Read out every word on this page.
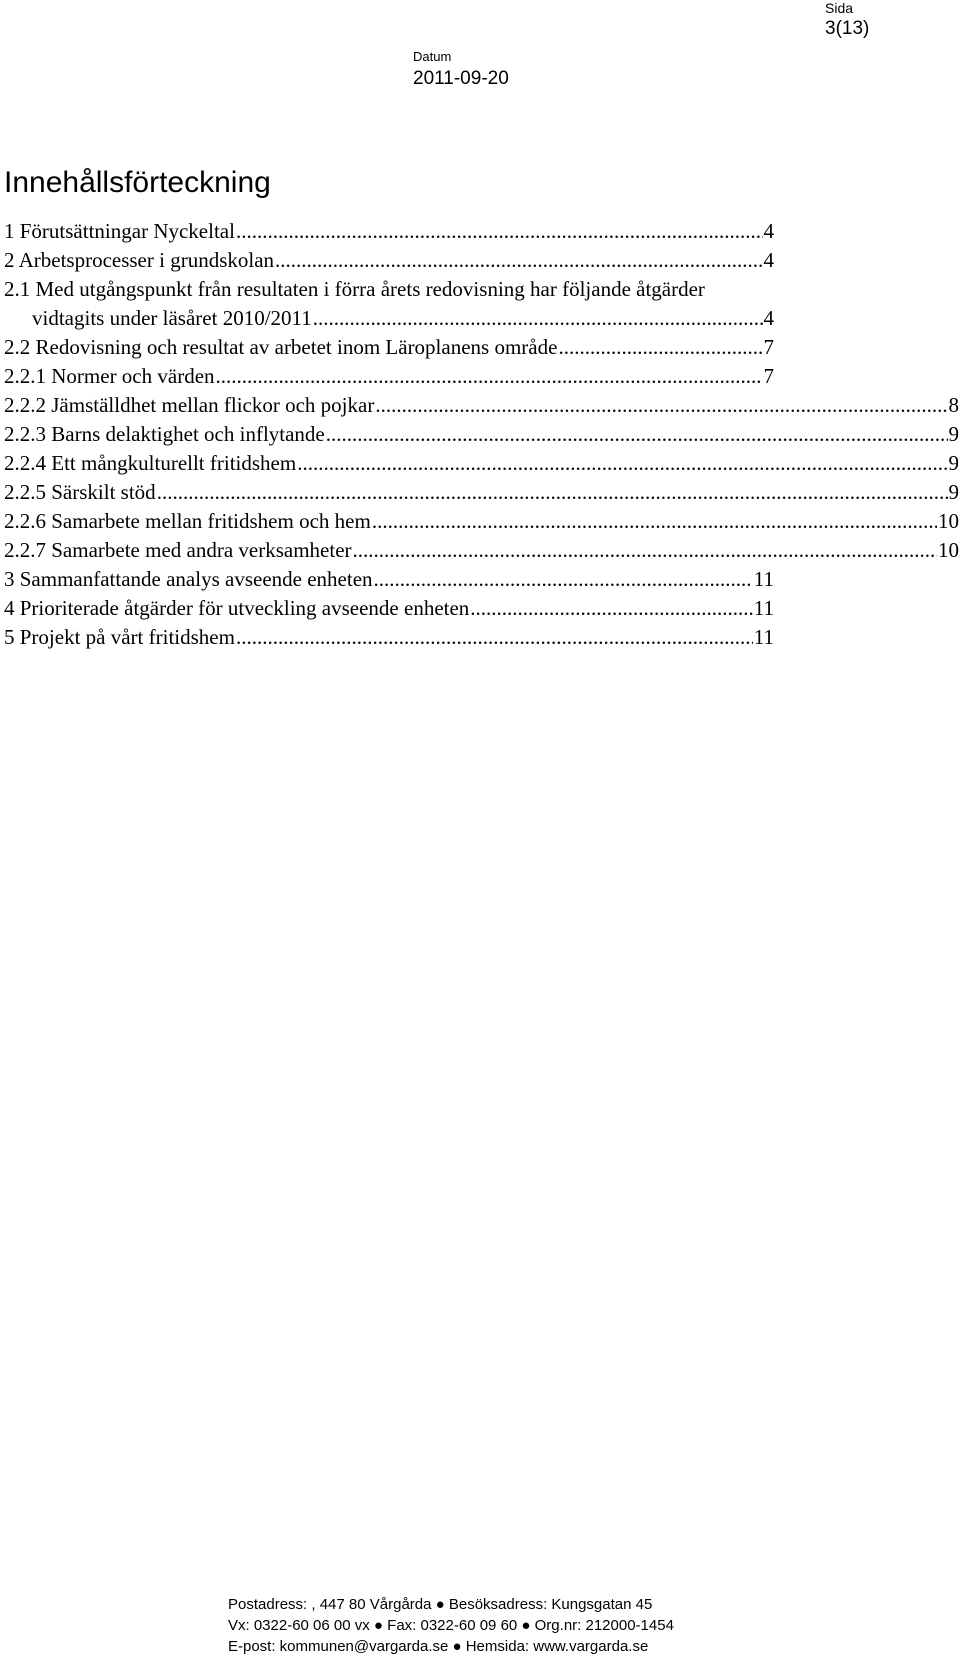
Sida
3(13)
Datum
2011-09-20
Innehållsförteckning
1 Förutsättningar Nyckeltal .....	4
2 Arbetsprocesser i grundskolan .....	4
2.1 Med utgångspunkt från resultaten i förra årets redovisning har följande åtgärder
vidtagits under läsåret 2010/2011 .....	4
2.2 Redovisning och resultat av arbetet inom Läroplanens område .....	7
2.2.1 Normer och värden .....	7
2.2.2 Jämställdhet mellan flickor och pojkar .....	8
2.2.3 Barns delaktighet och inflytande .....	9
2.2.4 Ett mångkulturellt fritidshem .....	9
2.2.5 Särskilt stöd .....	9
2.2.6 Samarbete mellan fritidshem och hem .....	10
2.2.7 Samarbete med andra verksamheter .....	10
3 Sammanfattande analys avseende enheten .....	11
4 Prioriterade åtgärder för utveckling avseende enheten .....	11
5 Projekt på vårt fritidshem .....	11
Postadress: , 447 80 Vårgårda ● Besöksadress: Kungsgatan 45
Vx: 0322-60 06 00 vx ● Fax: 0322-60 09 60 ● Org.nr: 212000-1454
E-post: kommunen@vargarda.se ● Hemsida: www.vargarda.se
